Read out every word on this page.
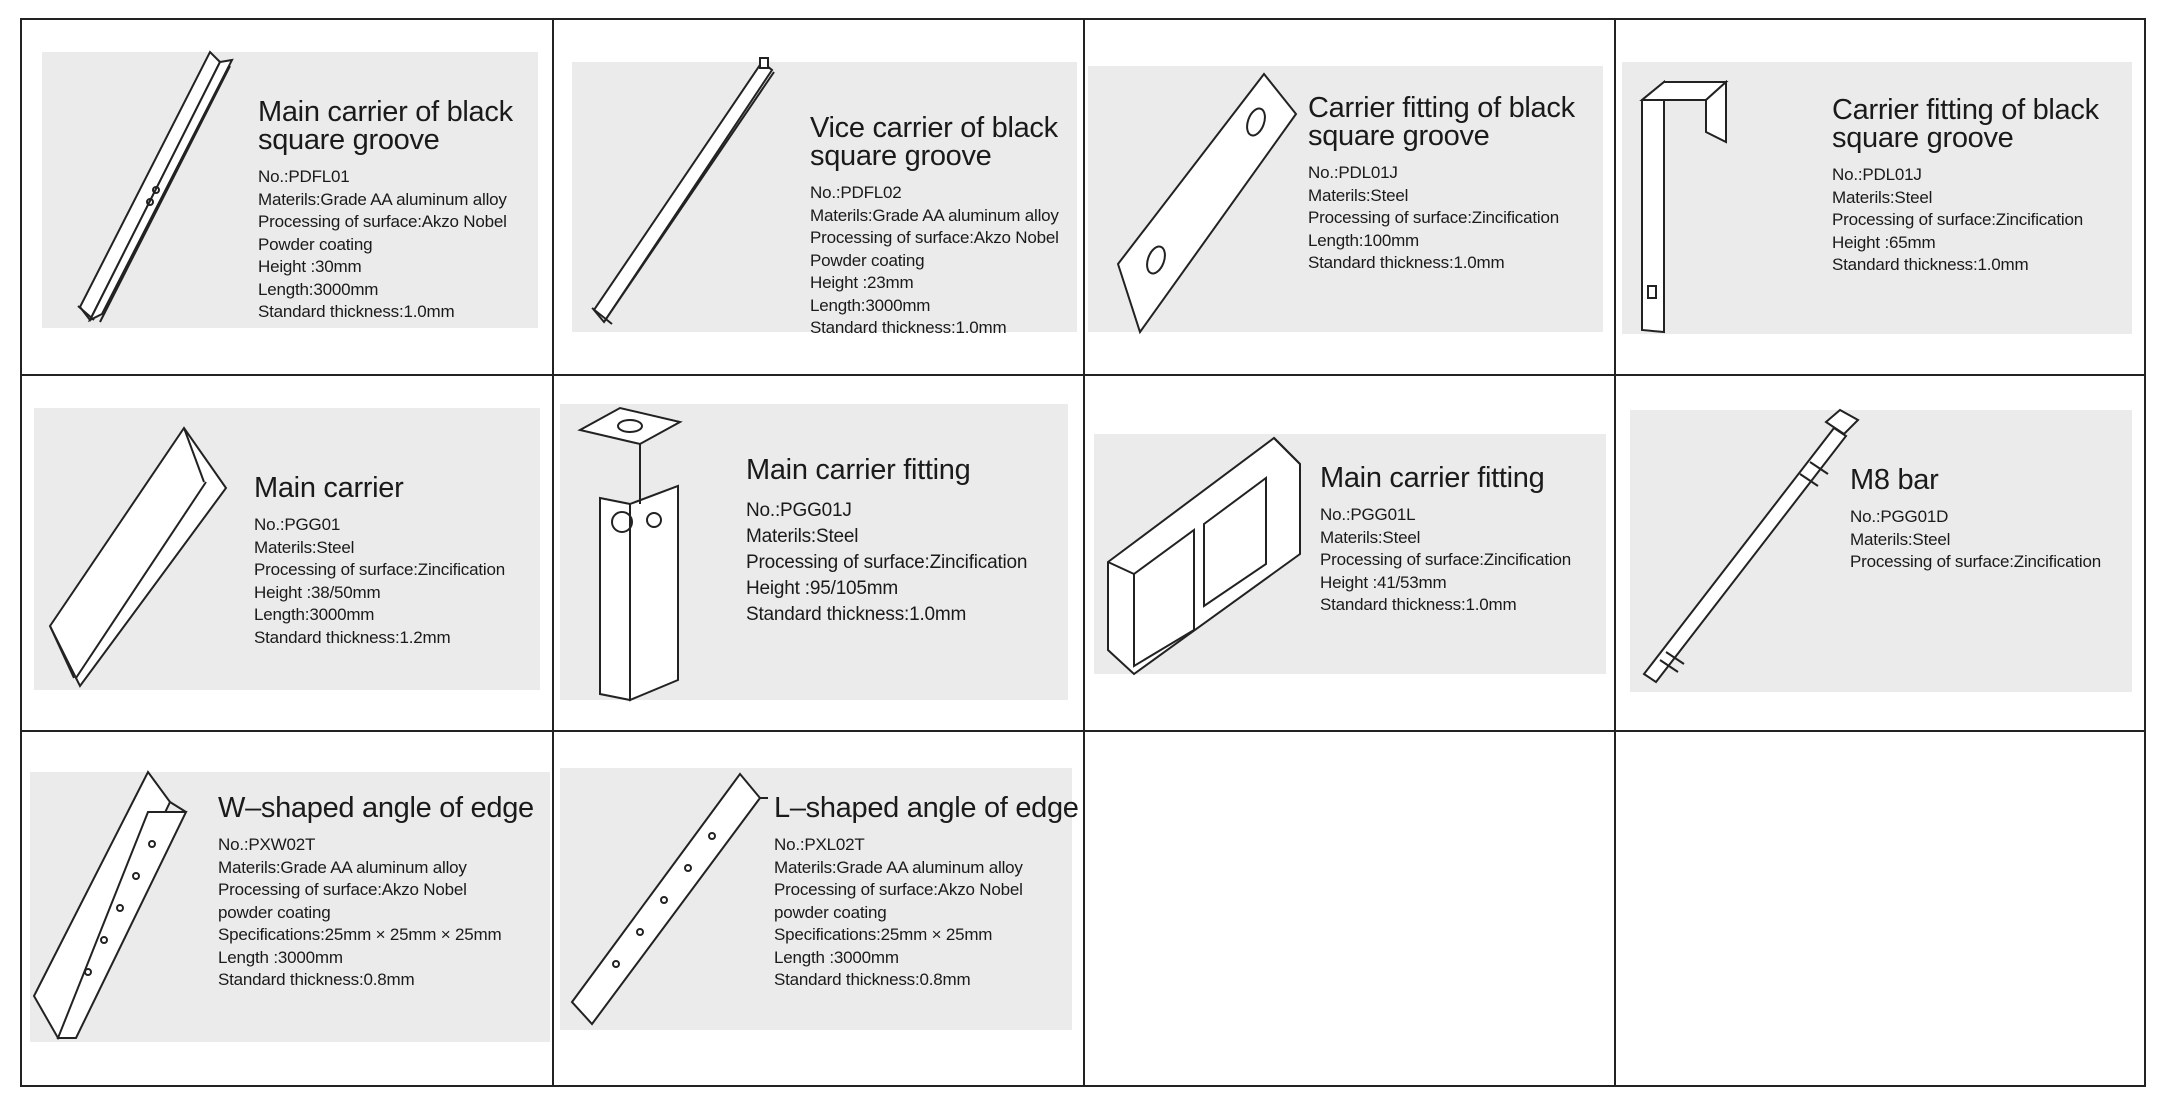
Main carrier of black
square groove
No.:PDFL01
Materils:Grade AA aluminum alloy
Processing of surface:Akzo Nobel
Powder coating
Height :30mm
Length:3000mm
Standard thickness:1.0mm
Vice carrier of black
square groove
No.:PDFL02
Materils:Grade AA aluminum alloy
Processing of surface:Akzo Nobel
Powder coating
Height :23mm
Length:3000mm
Standard thickness:1.0mm
Carrier fitting of black
square groove
No.:PDL01J
Materils:Steel
Processing of surface:Zincification
Length:100mm
Standard thickness:1.0mm
Carrier fitting of black
square groove
No.:PDL01J
Materils:Steel
Processing of surface:Zincification
Height :65mm
Standard thickness:1.0mm
Main carrier
No.:PGG01
Materils:Steel
Processing of surface:Zincification
Height :38/50mm
Length:3000mm
Standard thickness:1.2mm
Main carrier fitting
No.:PGG01J
Materils:Steel
Processing of surface:Zincification
Height :95/105mm
Standard thickness:1.0mm
Main carrier fitting
No.:PGG01L
Materils:Steel
Processing of surface:Zincification
Height :41/53mm
Standard thickness:1.0mm
M8 bar
No.:PGG01D
Materils:Steel
Processing of surface:Zincification
W–shaped angle of edge
No.:PXW02T
Materils:Grade AA aluminum alloy
Processing of surface:Akzo Nobel
powder coating
Specifications:25mm × 25mm × 25mm
Length :3000mm
Standard thickness:0.8mm
L–shaped angle of edge
No.:PXL02T
Materils:Grade AA aluminum alloy
Processing of surface:Akzo Nobel
powder coating
Specifications:25mm × 25mm
Length :3000mm
Standard thickness:0.8mm
